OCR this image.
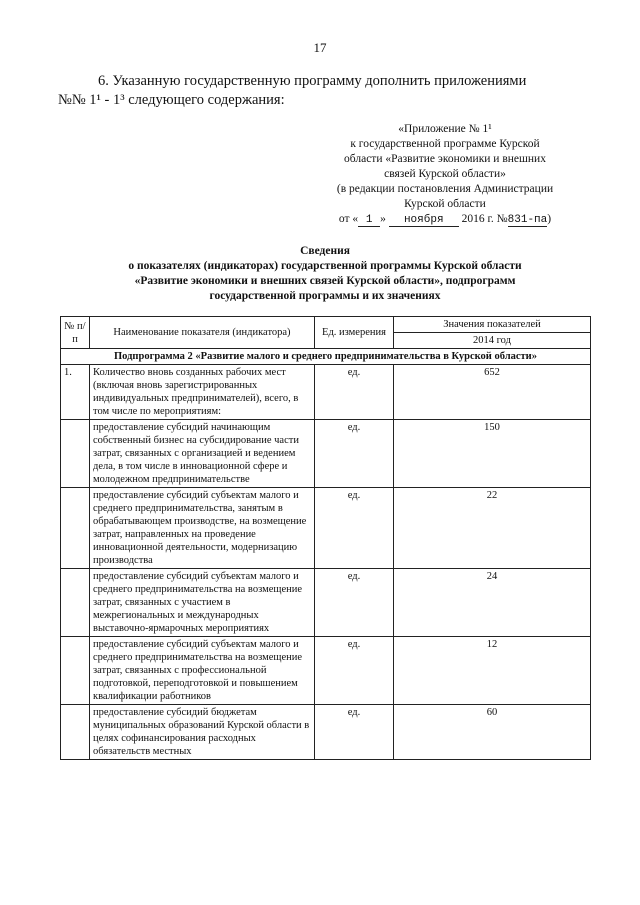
17
6. Указанную государственную программу дополнить приложениями
№№ 1¹ - 1³ следующего содержания:
«Приложение № 1¹
к государственной программе Курской
области «Развитие экономики и внешних
связей Курской области»
(в редакции постановления Администрации
Курской области
от « 1 » ноября 2016 г. №831-па)
Сведения
о показателях (индикаторах) государственной программы Курской области
«Развитие экономики и внешних связей Курской области», подпрограмм
государственной программы и их значениях
№ п/п	Наименование показателя (индикатора)	Ед. измерения	Значения показателей
			2014 год
Подпрограмма 2 «Развитие малого и среднего предпринимательства в Курской области»			
1.	Количество вновь созданных рабочих мест (включая вновь зарегистрированных индивидуальных предпринимателей), всего, в том числе по мероприятиям:	ед.	652
	предоставление субсидий начинающим собственный бизнес на субсидирование части затрат, связанных с организацией и ведением дела, в том числе в инновационной сфере и молодежном предпринимательстве	ед.	150
	предоставление субсидий субъектам малого и среднего предпринимательства, занятым в обрабатывающем производстве, на возмещение затрат, направленных на проведение инновационной деятельности, модернизацию производства	ед.	22
	предоставление субсидий субъектам малого и среднего предпринимательства на возмещение затрат, связанных с участием в межрегиональных и международных выставочно-ярмарочных мероприятиях	ед.	24
	предоставление субсидий субъектам малого и среднего предпринимательства на возмещение затрат, связанных с профессиональной подготовкой, переподготовкой и повышением квалификации работников	ед.	12
	предоставление субсидий бюджетам муниципальных образований Курской области в целях софинансирования расходных обязательств местных	ед.	60
